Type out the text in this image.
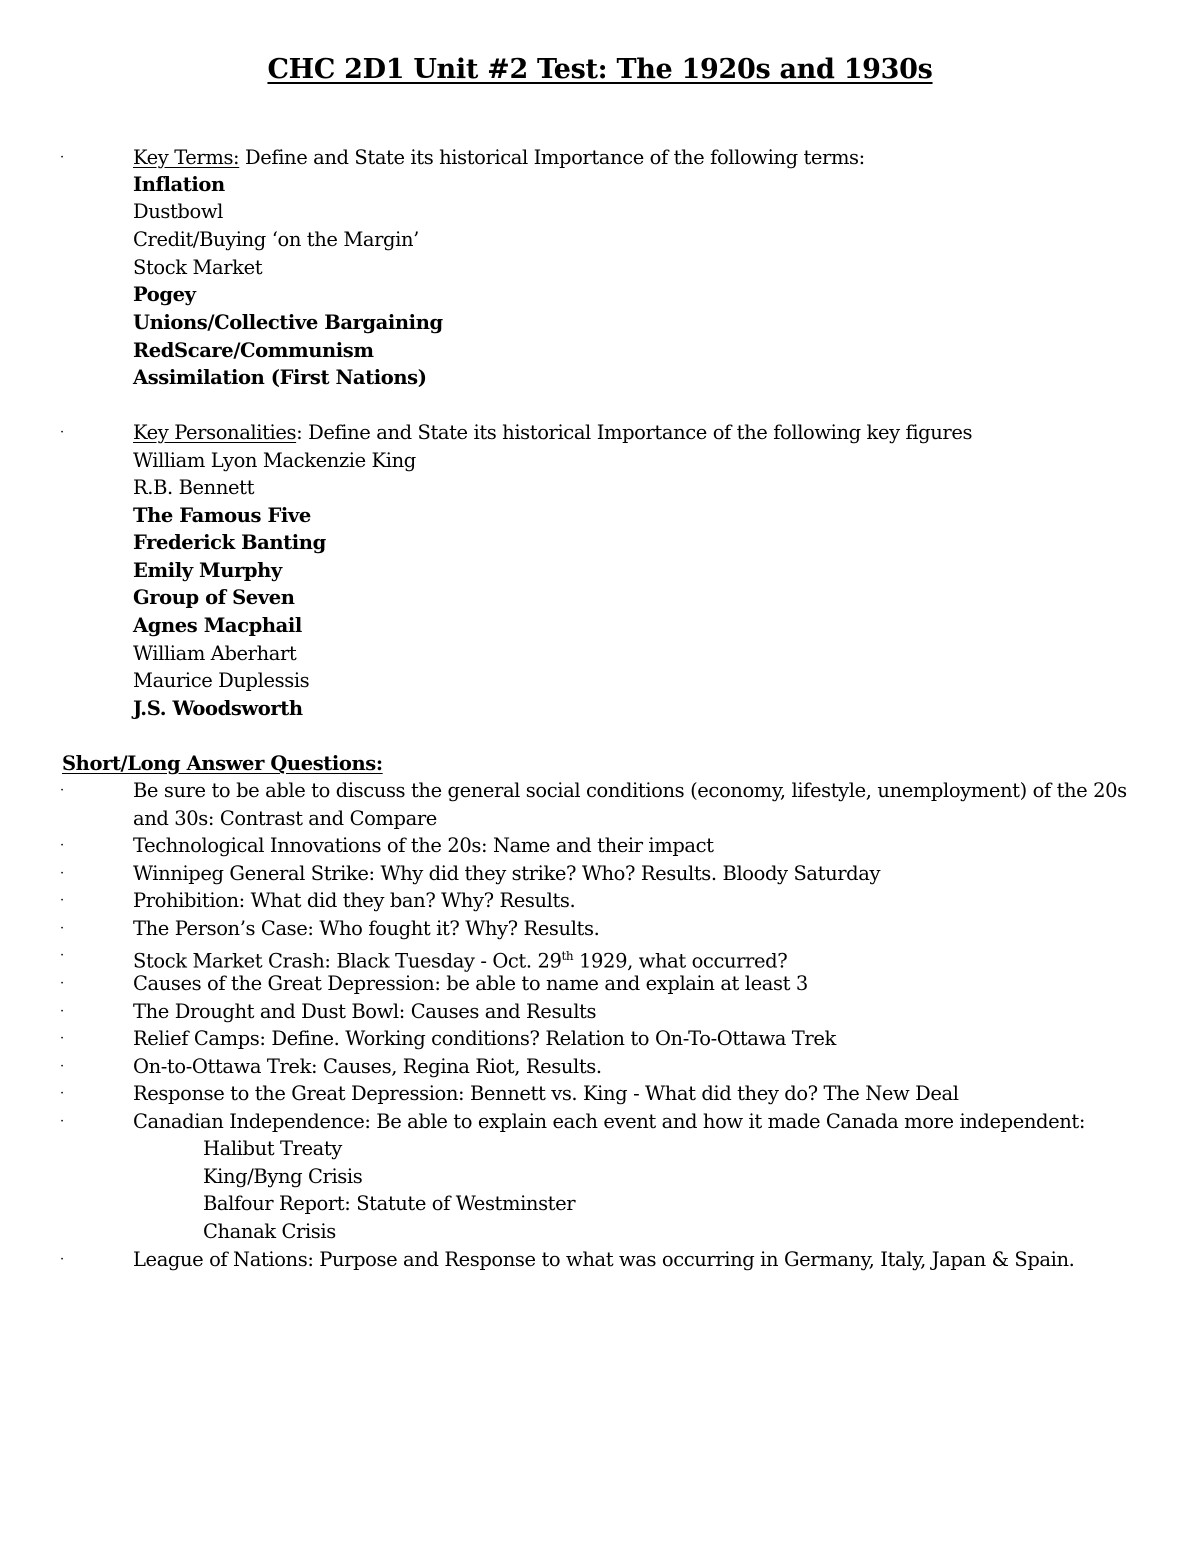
CHC 2D1 Unit #2 Test: The 1920s and 1930s
·	Key Terms: Define and State its historical Importance of the following terms:
Inflation
Dustbowl
Credit/Buying ‘on the Margin’
Stock Market
Pogey
Unions/Collective Bargaining
RedScare/Communism
Assimilation (First Nations)
·	Key Personalities: Define and State its historical Importance of the following key figures
William Lyon Mackenzie King
R.B. Bennett
The Famous Five
Frederick Banting
Emily Murphy
Group of Seven
Agnes Macphail
William Aberhart
Maurice Duplessis
J.S. Woodsworth
Short/Long Answer Questions:
·	Be sure to be able to discuss the general social conditions (economy, lifestyle, unemployment) of the 20s and 30s: Contrast and Compare
·	Technological Innovations of the 20s: Name and their impact
·	Winnipeg General Strike: Why did they strike? Who? Results. Bloody Saturday
·	Prohibition: What did they ban? Why? Results.
·	The Person’s Case: Who fought it? Why? Results.
·	Stock Market Crash: Black Tuesday - Oct. 29th 1929, what occurred?
·	Causes of the Great Depression: be able to name and explain at least 3
·	The Drought and Dust Bowl: Causes and Results
·	Relief Camps: Define. Working conditions? Relation to On-To-Ottawa Trek
·	On-to-Ottawa Trek: Causes, Regina Riot, Results.
·	Response to the Great Depression: Bennett vs. King - What did they do? The New Deal
·	Canadian Independence: Be able to explain each event and how it made Canada more independent:
Halibut Treaty
King/Byng Crisis
Balfour Report: Statute of Westminster
Chanak Crisis
·	League of Nations: Purpose and Response to what was occurring in Germany, Italy, Japan & Spain.
